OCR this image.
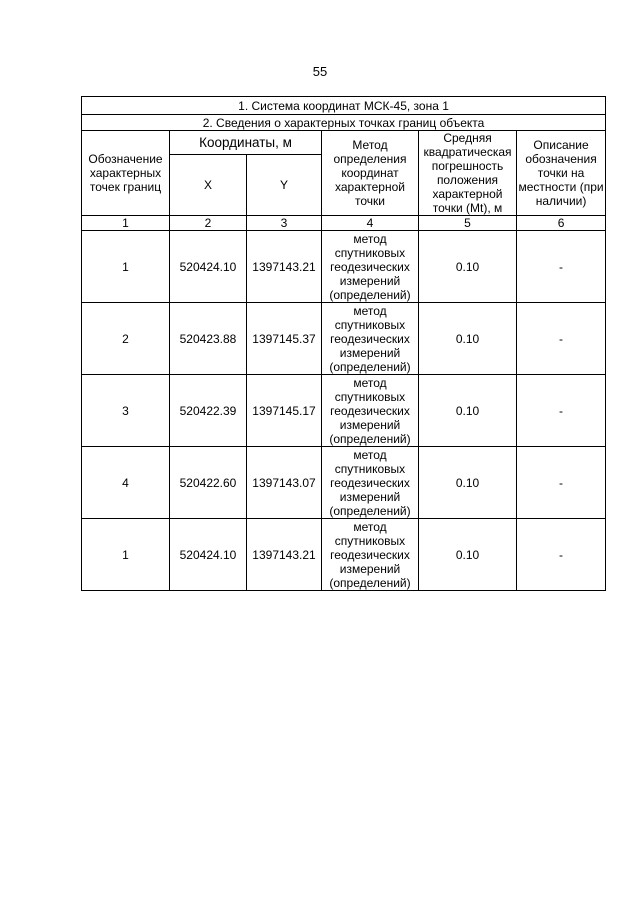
55
1. Система координат МСК-45, зона 1					
2. Сведения о характерных точках границ объекта					
Обозначение характерных точек границ	Координаты, м		Метод определения координат характерной точки	Средняя квадратическая погрешность положения характерной точки (Mt), м	Описание обозначения точки на местности (при наличии)
	X	Y			
1	2	3	4	5	6
1	520424.10	1397143.21	метод спутниковых геодезических измерений (определений)	0.10	-
2	520423.88	1397145.37	метод спутниковых геодезических измерений (определений)	0.10	-
3	520422.39	1397145.17	метод спутниковых геодезических измерений (определений)	0.10	-
4	520422.60	1397143.07	метод спутниковых геодезических измерений (определений)	0.10	-
1	520424.10	1397143.21	метод спутниковых геодезических измерений (определений)	0.10	-
